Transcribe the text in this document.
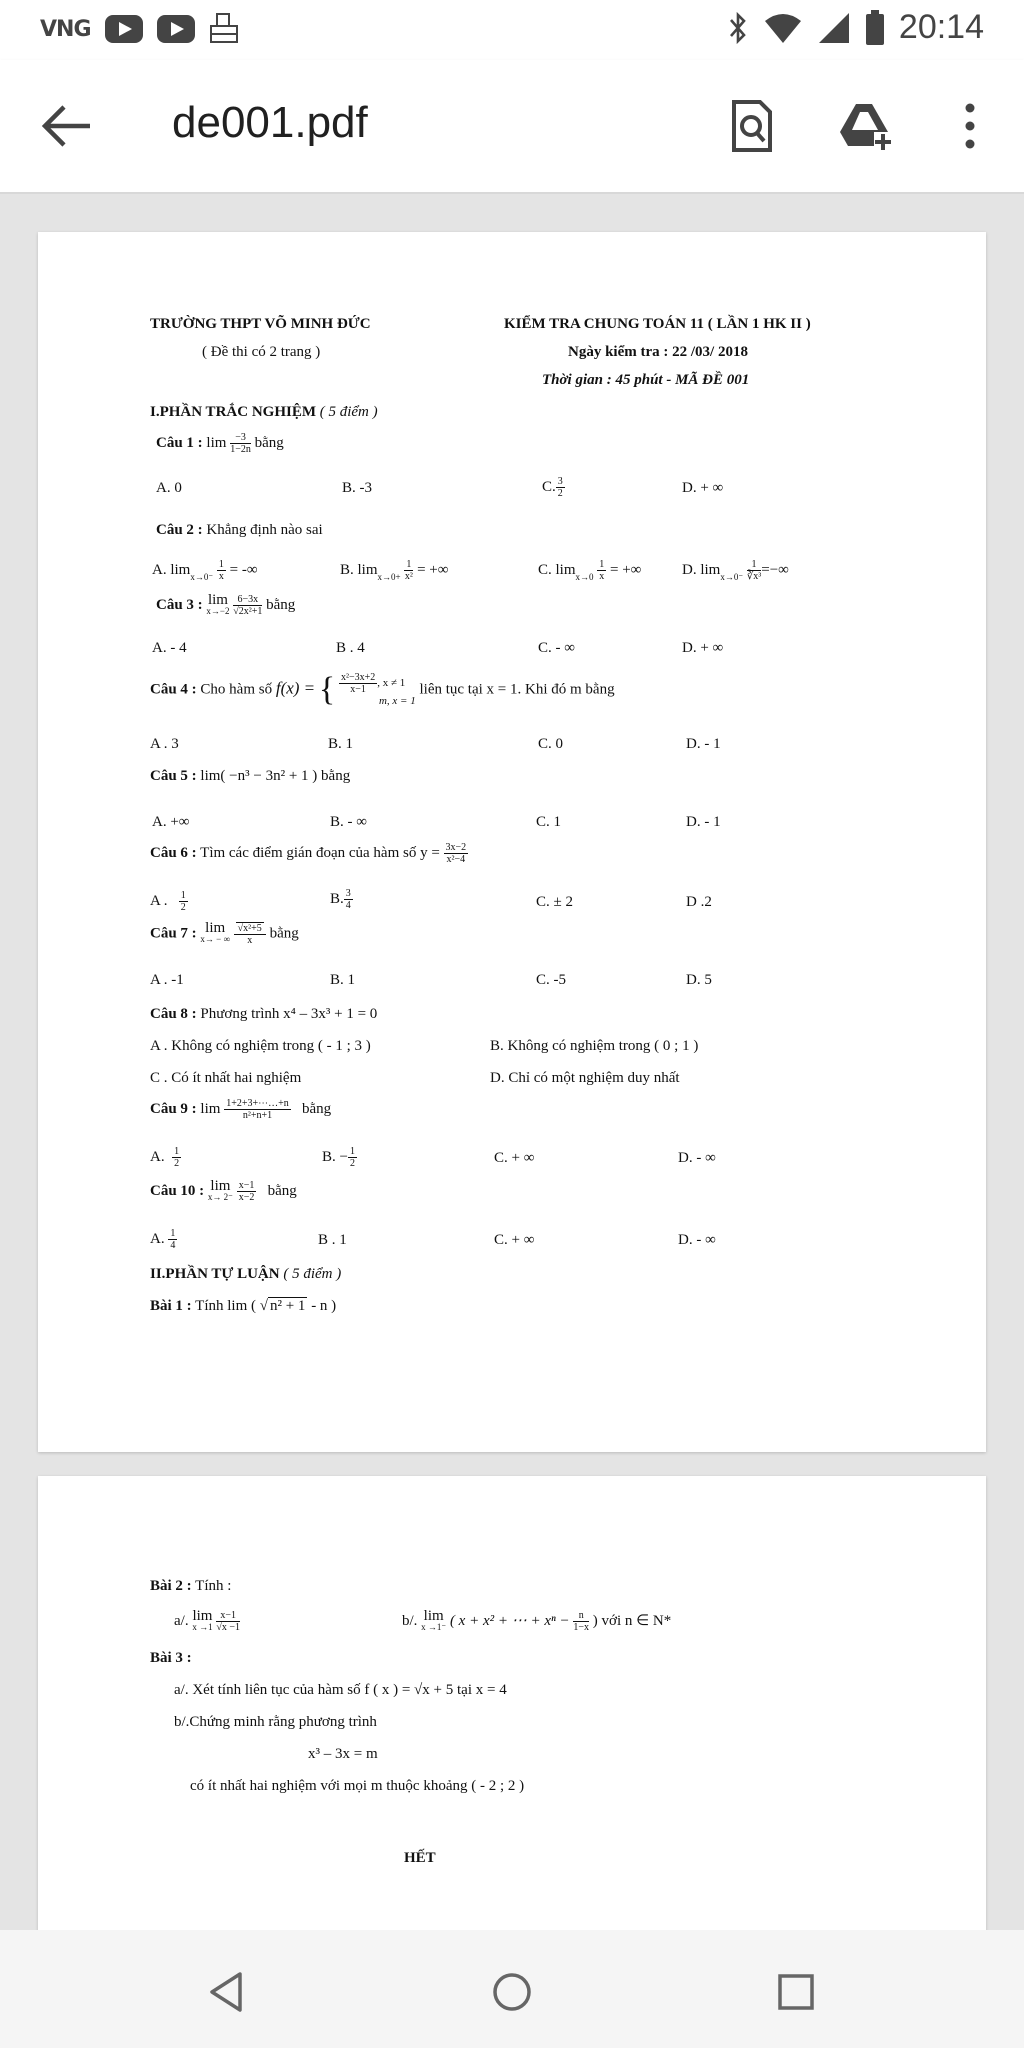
VNG	20:14
de001.pdf
TRƯỜNG THPT VÕ MINH ĐỨC
( Đề thi có 2 trang )
KIỂM TRA CHUNG TOÁN 11 ( LẦN 1 HK II )
Ngày kiểm tra : 22 /03/ 2018
Thời gian : 45 phút - MÃ ĐỀ 001
I.PHẦN TRẮC NGHIỆM ( 5 điểm )
Câu 1 : $\lim \frac{-3}{1-2n}$ bằng
A. 0	B. -3	C. $\frac{3}{2}$	D. + ∞
Câu 2 : Khẳng định nào sai
A. lim x→0⁻
$\frac{1}{x}$ = -∞	B. lim x→0+
$\frac{1}{\text{x²}}$ = +∞	C. lim x→0
$\frac{1}{x}$ = +∞	D. lim x→0⁻
$\frac{1}{\text{∛x³}}$ =−∞
Câu 3 : lim
x→−2
$\frac{6-3x}{\text{√2x²+1}}$ bằng
A. - 4	B . 4	C. - ∞	D. + ∞
Câu 4 : Cho hàm số f(x) = { $\frac{\text{x²−3x+2}}{x-1}$ , x ≠ 1
m, x = 1
liên tục tại x = 1. Khi đó m bằng
A . 3	B. 1	C. 0	D. - 1
Câu 5 : lim( −n³ − 3n² + 1 ) bằng
A. +∞	B. - ∞	C. 1	D. - 1
Câu 6 : Tìm các điểm gián đoạn của hàm số $y = \frac{3x-2}{\text{x²−4}}$
A . $\frac{1}{2}$	B. $\frac{3}{4}$	C. ± 2	D .2
Câu 7 : lim
x→ − ∞
$\frac{\text{√x²+5}}{x}$ bằng
A . -1	B. 1	C. -5	D. 5
Câu 8 : Phương trình x⁴ – 3x³ + 1 = 0
A . Không có nghiệm trong ( - 1 ; 3 )	B. Không có nghiệm trong ( 0 ; 1 )
C . Có ít nhất hai nghiệm	D. Chỉ có một nghiệm duy nhất
Câu 9 : $\lim \frac{1+2+3+\cdots\dots+n}{\text{n²+n+1}}$ bằng
A. $\frac{1}{2}$	B. − $\frac{1}{2}$	C. + ∞	D. - ∞
Câu 10 : lim
x→ 2⁻
$\frac{x-1}{x-2}$ bằng
A. $\frac{1}{4}$	B . 1	C. + ∞	D. - ∞
II.PHẦN TỰ LUẬN ( 5 điểm )
Bài 1 : Tính lim ( √ n² + 1 - n )
Bài 2 : Tính :
a/. lim
x →1
$\frac{x-1}{√x -1}$	b/. lim
x →1⁻ ( x + x² + ⋯ + $x^n - \frac{n}{1-x}$ ) với n ∈ N*
Bài 3 :
a/. Xét tính liên tục của hàm số f ( x ) = √x + 5 tại x = 4
b/.Chứng minh rằng phương trình
x³ – 3x = m
có ít nhất hai nghiệm với mọi m thuộc khoảng ( - 2 ; 2 )
HẾT
